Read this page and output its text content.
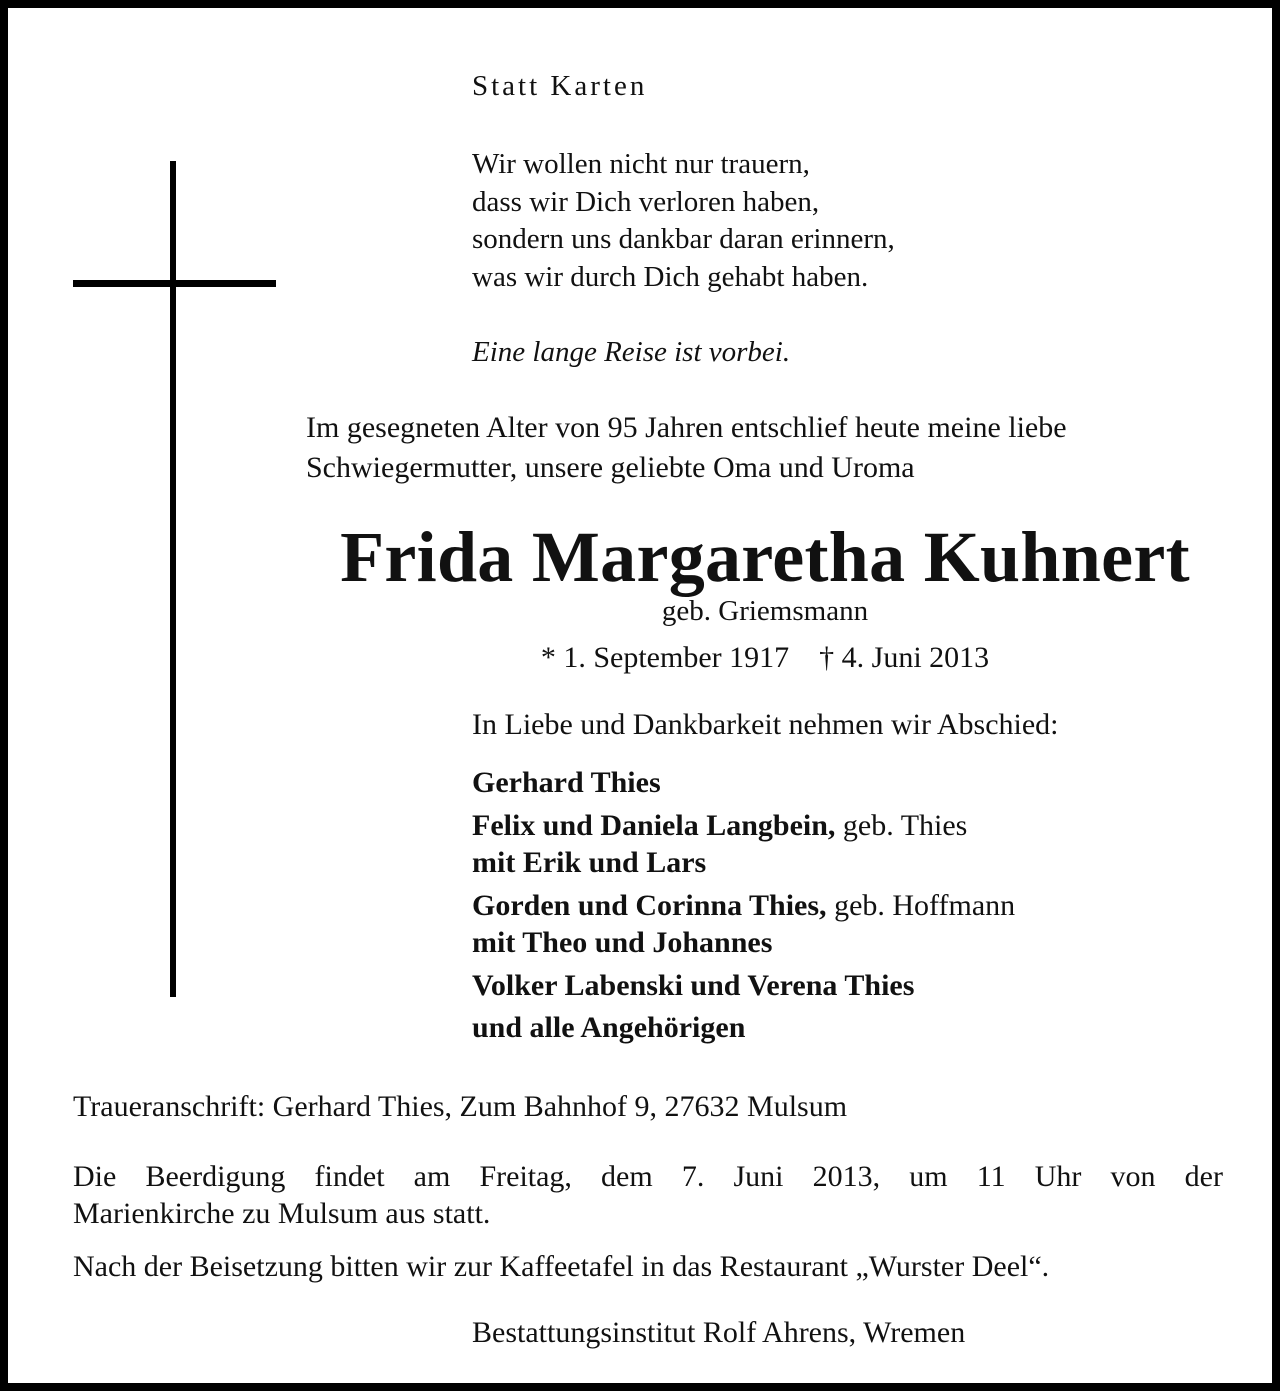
Statt Karten
Wir wollen nicht nur trauern,
dass wir Dich verloren haben,
sondern uns dankbar daran erinnern,
was wir durch Dich gehabt haben.
Eine lange Reise ist vorbei.
Im gesegneten Alter von 95 Jahren entschlief heute meine liebe
Schwiegermutter, unsere geliebte Oma und Uroma
Frida Margaretha Kuhnert
geb. Griemsmann
* 1. September 1917 † 4. Juni 2013
In Liebe und Dankbarkeit nehmen wir Abschied:
Gerhard Thies
Felix und Daniela Langbein, geb. Thies
mit Erik und Lars
Gorden und Corinna Thies, geb. Hoffmann
mit Theo und Johannes
Volker Labenski und Verena Thies
und alle Angehörigen
Traueranschrift: Gerhard Thies, Zum Bahnhof 9, 27632 Mulsum
Die Beerdigung findet am Freitag, dem 7. Juni 2013, um 11 Uhr von der
Marienkirche zu Mulsum aus statt.
Nach der Beisetzung bitten wir zur Kaffeetafel in das Restaurant „Wurster Deel“.
Bestattungsinstitut Rolf Ahrens, Wremen
